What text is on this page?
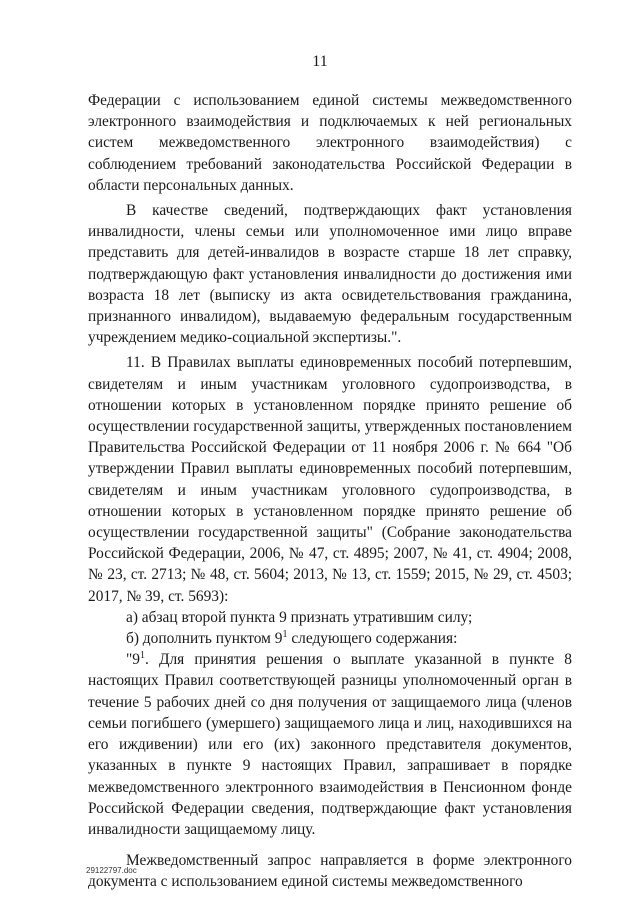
11

Федерации с использованием единой системы межведомственного электронного взаимодействия и подключаемых к ней региональных систем межведомственного электронного взаимодействия) с соблюдением требований законодательства Российской Федерации в области персональных данных.

В качестве сведений, подтверждающих факт установления инвалидности, члены семьи или уполномоченное ими лицо вправе представить для детей-инвалидов в возрасте старше 18 лет справку, подтверждающую факт установления инвалидности до достижения ими возраста 18 лет (выписку из акта освидетельствования гражданина, признанного инвалидом), выдаваемую федеральным государственным учреждением медико-социальной экспертизы.".

11. В Правилах выплаты единовременных пособий потерпевшим, свидетелям и иным участникам уголовного судопроизводства, в отношении которых в установленном порядке принято решение об осуществлении государственной защиты, утвержденных постановлением Правительства Российской Федерации от 11 ноября 2006 г. № 664 "Об утверждении Правил выплаты единовременных пособий потерпевшим, свидетелям и иным участникам уголовного судопроизводства, в отношении которых в установленном порядке принято решение об осуществлении государственной защиты" (Собрание законодательства Российской Федерации, 2006, № 47, ст. 4895; 2007, № 41, ст. 4904; 2008, № 23, ст. 2713; № 48, ст. 5604; 2013, № 13, ст. 1559; 2015, № 29, ст. 4503; 2017, № 39, ст. 5693):

а) абзац второй пункта 9 признать утратившим силу;

б) дополнить пунктом $9^1$ следующего содержания:

"$9^1$. Для принятия решения о выплате указанной в пункте 8 настоящих Правил соответствующей разницы уполномоченный орган в течение 5 рабочих дней со дня получения от защищаемого лица (членов семьи погибшего (умершего) защищаемого лица и лиц, находившихся на его иждивении) или его (их) законного представителя документов, указанных в пункте 9 настоящих Правил, запрашивает в порядке межведомственного электронного взаимодействия в Пенсионном фонде Российской Федерации сведения, подтверждающие факт установления инвалидности защищаемому лицу.

Межведомственный запрос направляется в форме электронного документа с использованием единой системы межведомственного

29122797.doc
